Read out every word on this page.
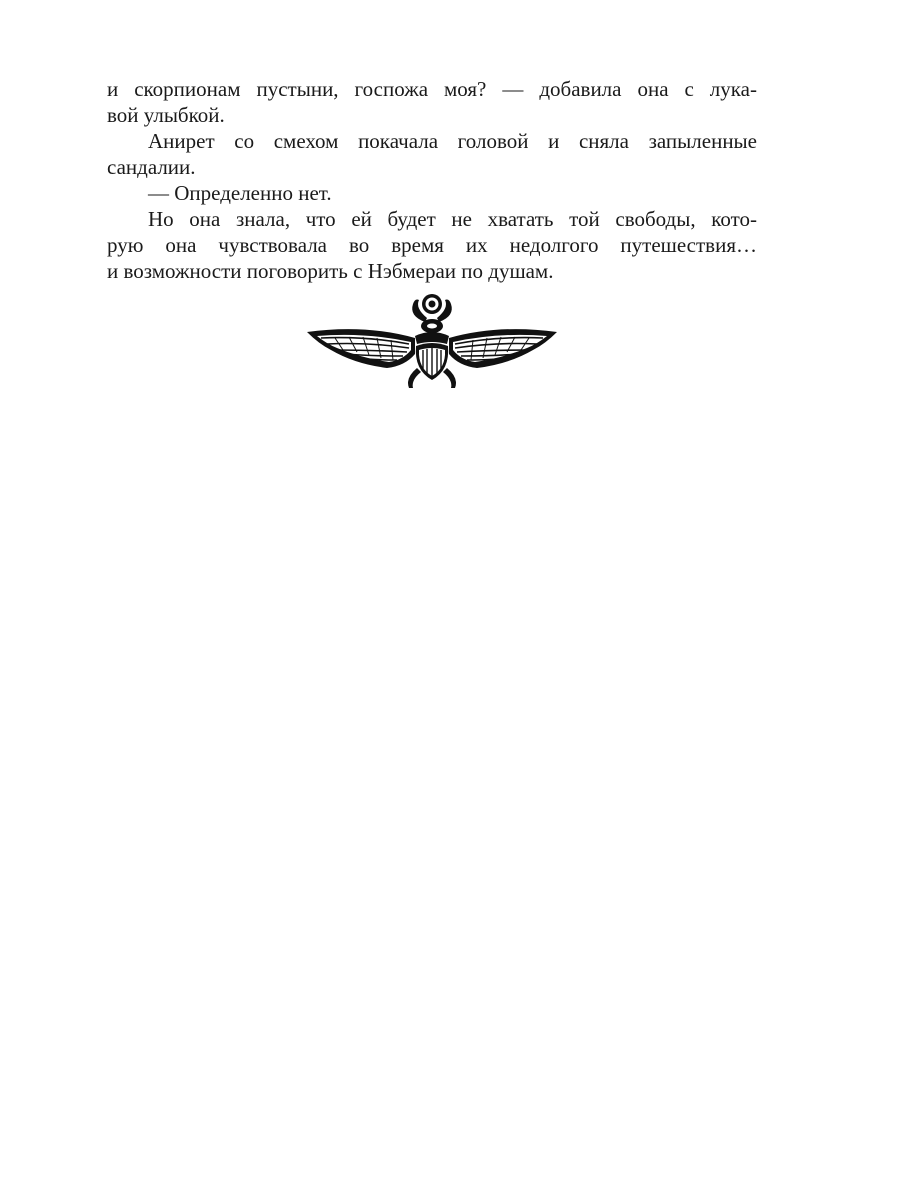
и скорпионам пустыни, госпожа моя? — добавила она с лука-
вой улыбкой.
Анирет со смехом покачала головой и сняла запыленные
сандалии.
— Определенно нет.
Но она знала, что ей будет не хватать той свободы, кото-
рую она чувствовала во время их недолгого путешествия…
и возможности поговорить с Нэбмераи по душам.
